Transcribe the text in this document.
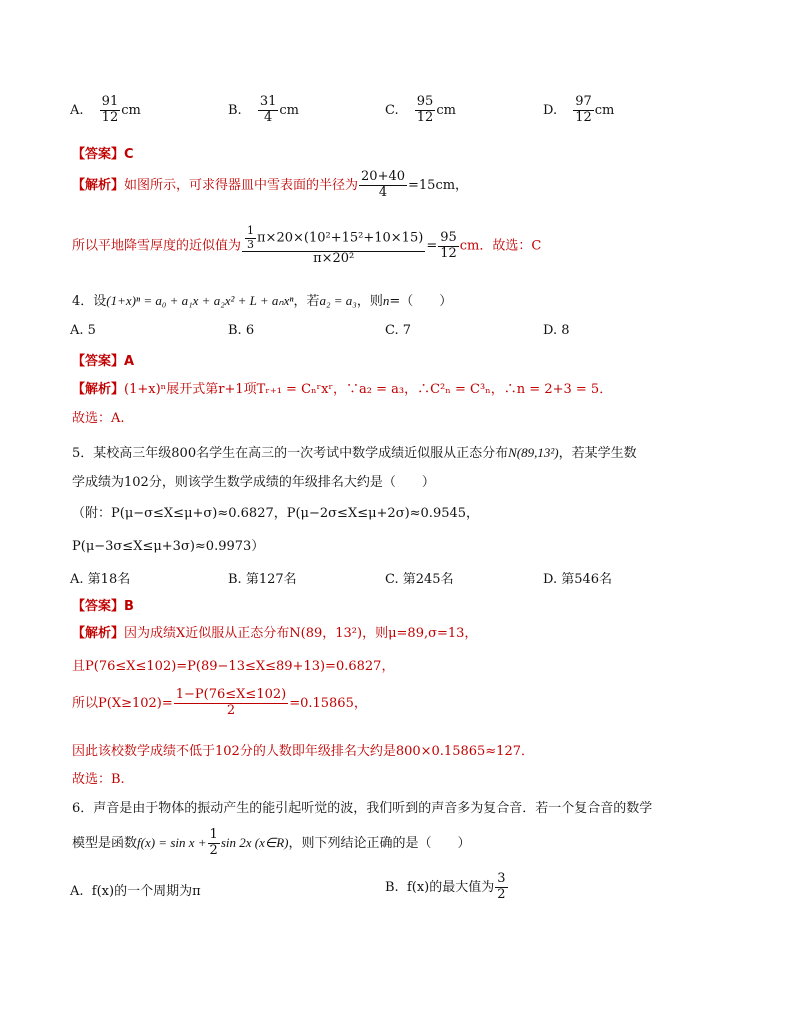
A. $\frac{91}{12}$ cm	B. $\frac{31}{4}$ cm	C. $\frac{95}{12}$ cm	D. $\frac{97}{12}$ cm
【答案】C
【解析】如图所示，可求得器皿中雪表面的半径为 $\frac{20+40}{4} =15cm$，
所以平地降雪厚度的近似值为 $\frac{\frac{1}{3} \pi\times 20\times(10^2+15^2+10\times 15)}{\text{π×20²}} = \frac{95}{12}$ cm．故选：C
4．设(1+x)ⁿ = a₀ + a₁x + a₂x² + L + aₙxⁿ，若a₂ = a₃，则n=（　　）
A. 5	B. 6	C. 7	D. 8
【答案】A
【解析】(1+x)ⁿ展开式第r+1项Tᵣ₊₁ = Cₙʳxʳ，∵a₂ = a₃，∴C²ₙ = C³ₙ，∴n = 2+3 = 5．
故选：A.
5．某校高三年级800名学生在高三的一次考试中数学成绩近似服从正态分布N(89,13²)，若某学生数
学成绩为102分，则该学生数学成绩的年级排名大约是（　　）
（附：P(μ−σ≤X≤μ+σ)≈0.6827，P(μ−2σ≤X≤μ+2σ)≈0.9545，
P(μ−3σ≤X≤μ+3σ)≈0.9973）
A. 第18名	B. 第127名	C. 第245名	D. 第546名
【答案】B
【解析】因为成绩X近似服从正态分布N(89，13²)，则μ=89,σ=13，
且P(76≤X≤102)=P(89−13≤X≤89+13)=0.6827，
所以$P(X\ge 102)= \frac{1-P(76\le X\le 102)}{2} =0.15865$，
因此该校数学成绩不低于102分的人数即年级排名大约是800×0.15865≈127．
故选：B.
6．声音是由于物体的振动产生的能引起听觉的波，我们听到的声音多为复合音．若一个复合音的数学
模型是函数$f(x) = \sin x + \frac{1}{2}$ sin 2x (x∈R)，则下列结论正确的是（　　）
A. f(x)的一个周期为π	B. f(x)的最大值为 $\frac{3}{2}$
